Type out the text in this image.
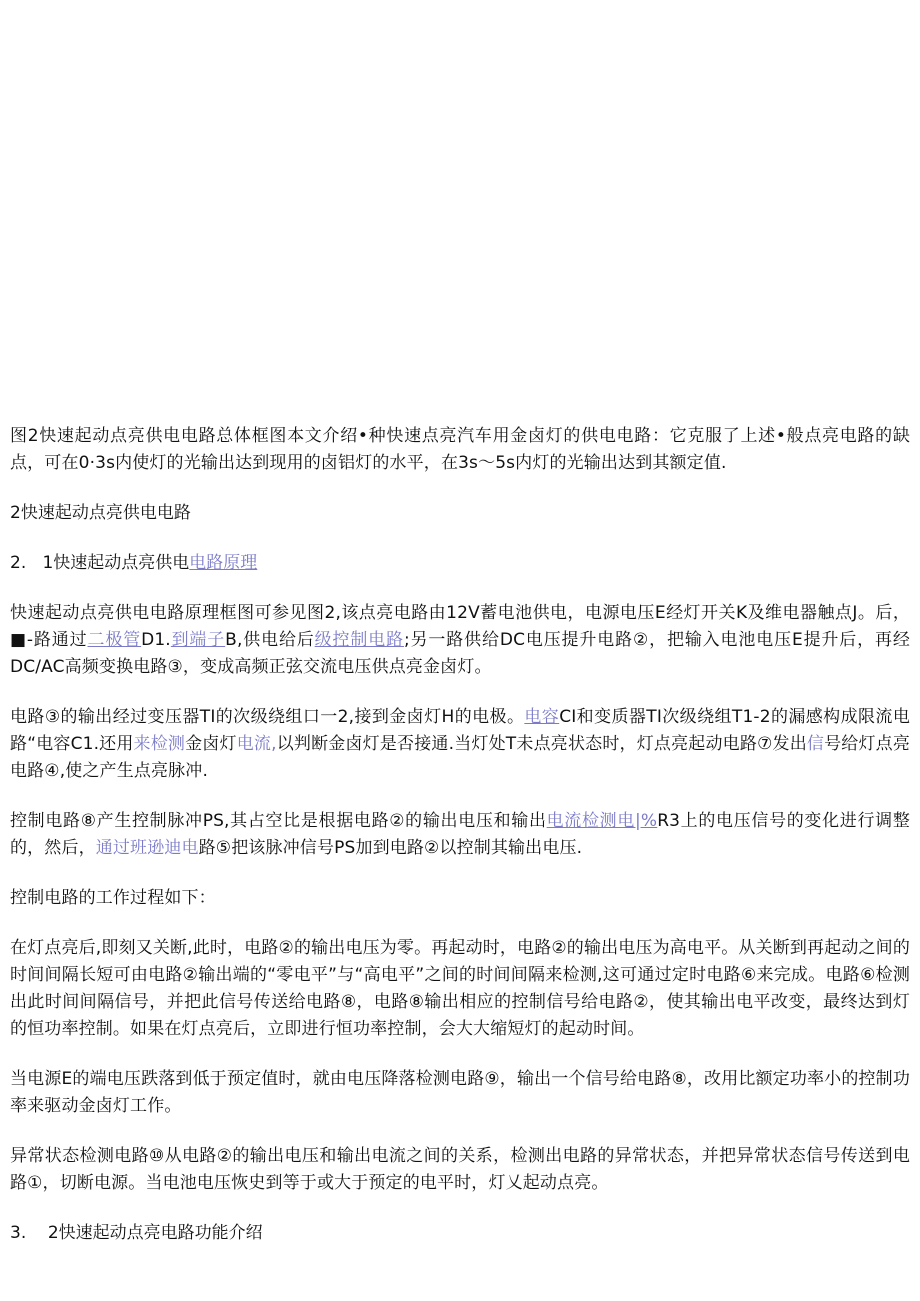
图2快速起动点亮供电电路总体框图本文介绍•种快速点亮汽车用金卤灯的供电电路：它克服了上述•般点亮电路的缺点，可在0·3s内使灯的光输出达到现用的卤铝灯的水平，在3s～5s内灯的光输出达到其额定值.

2快速起动点亮供电电路

2. 1快速起动点亮供电电路原理

快速起动点亮供电电路原理框图可参见图2,该点亮电路由12V蓄电池供电，电源电压E经灯开关K及维电器触点J。后，■-路通过二极管D1.到端子B,供电给后级控制电路;另一路供给DC电压提升电路②，把输入电池电压E提升后，再经DC/AC高频变换电路③，变成高频正弦交流电压供点亮金卤灯。

电路③的输出经过变压器TI的次级绕组口一2,接到金卤灯H的电极。电容CI和变质器TI次级绕组T1-2的漏感构成限流电路“电容C1.还用来检测金卤灯电流,以判断金卤灯是否接通.当灯处T未点亮状态时，灯点亮起动电路⑦发出信号给灯点亮电路④,使之产生点亮脉冲.

控制电路⑧产生控制脉冲PS,其占空比是根据电路②的输出电压和输出电流检测电|%R3上的电压信号的变化进行调整的，然后，通过班逊迪电路⑤把该脉冲信号PS加到电路②以控制其输出电压.

控制电路的工作过程如下：

在灯点亮后,即刻又关断,此时，电路②的输出电压为零。再起动时，电路②的输出电压为高电平。从关断到再起动之间的时间间隔长短可由电路②输出端的“零电平”与“高电平”之间的时间间隔来检测,这可通过定时电路⑥来完成。电路⑥检测出此时间间隔信号，并把此信号传送给电路⑧，电路⑧输出相应的控制信号给电路②，使其输出电平改变，最终达到灯的恒功率控制。如果在灯点亮后，立即进行恒功率控制，会大大缩短灯的起动时间。

当电源E的端电压跌落到低于预定值时，就由电压降落检测电路⑨，输出一个信号给电路⑧，改用比额定功率小的控制功率来驱动金卤灯工作。

异常状态检测电路⑩从电路②的输出电压和输出电流之间的关系，检测出电路的异常状态，并把异常状态信号传送到电路①，切断电源。当电池电压恢史到等于或大于预定的电平时，灯乂起动点亮。

3. 2快速起动点亮电路功能介绍
